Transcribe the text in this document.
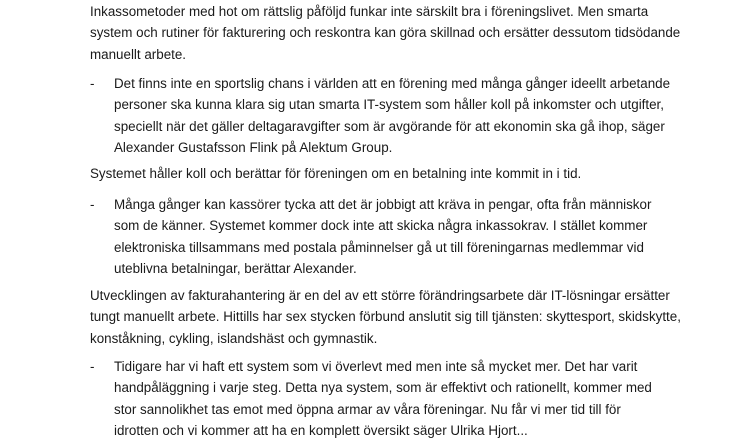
Inkassometoder med hot om rättslig påföljd funkar inte särskilt bra i föreningslivet. Men smarta
system och rutiner för fakturering och reskontra kan göra skillnad och ersätter dessutom tidsödande
manuellt arbete.

- Det finns inte en sportslig chans i världen att en förening med många gånger ideellt arbetande
personer ska kunna klara sig utan smarta IT-system som håller koll på inkomster och utgifter,
speciellt när det gäller deltagaravgifter som är avgörande för att ekonomin ska gå ihop, säger
Alexander Gustafsson Flink på Alektum Group.

Systemet håller koll och berättar för föreningen om en betalning inte kommit in i tid.

- Många gånger kan kassörer tycka att det är jobbigt att kräva in pengar, ofta från människor
som de känner. Systemet kommer dock inte att skicka några inkassokrav. I stället kommer
elektroniska tillsammans med postala påminnelser gå ut till föreningarnas medlemmar vid
uteblivna betalningar, berättar Alexander.

Utvecklingen av fakturahantering är en del av ett större förändringsarbete där IT-lösningar ersätter
tungt manuellt arbete. Hittills har sex stycken förbund anslutit sig till tjänsten: skyttesport, skidskytte,
konståkning, cykling, islandshäst och gymnastik.

- Tidigare har vi haft ett system som vi överlevt med men inte så mycket mer. Det har varit
handpåläggning i varje steg. Detta nya system, som är effektivt och rationellt, kommer med
stor sannolikhet tas emot med öppna armar av våra föreningar. Nu får vi mer tid till för
idrotten och vi kommer att ha en komplett översikt säger Ulrika Hjort...
